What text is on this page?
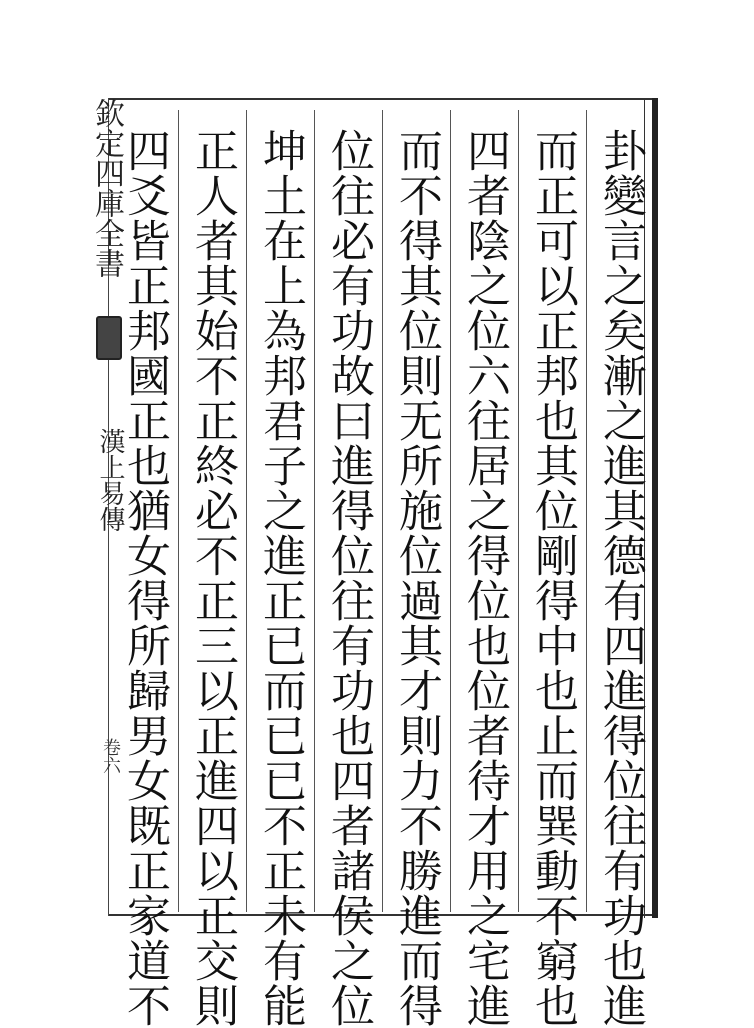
欽定四庫全書
漢上易傳
卷六	卦變言之矣漸之進其德有四進得位往有功也進
而正可以正邦也其位剛得中也止而巽動不窮也
四者陰之位六往居之得位也位者待才用之宅進
而不得其位則无所施位過其才則力不勝進而得
位往必有功故曰進得位往有功也四者諸侯之位
坤土在上為邦君子之進正已而已已不正未有能
正人者其始不正終必不正三以正進四以正交則
四爻皆正邦國正也猶女得所歸男女既正家道不
